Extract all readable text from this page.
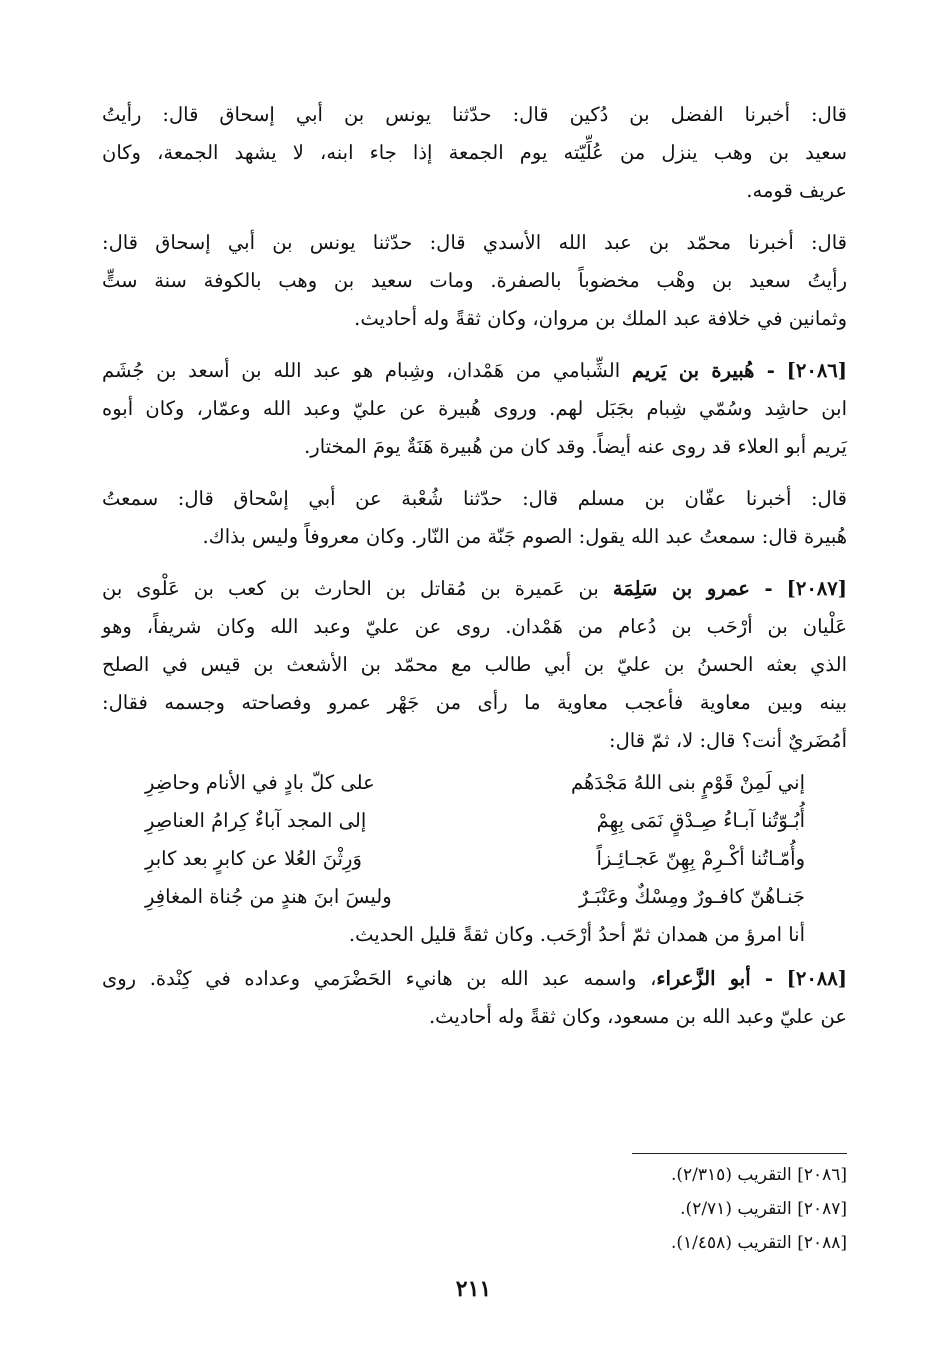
قال: أخبرنا الفضل بن دُكين قال: حدّثنا يونس بن أبي إسحاق قال: رأيتُ
سعيد بن وهب ينزل من عُلِّيّته يوم الجمعة إذا جاء ابنه، لا يشهد الجمعة، وكان
عريف قومه.
قال: أخبرنا محمّد بن عبد الله الأسدي قال: حدّثنا يونس بن أبي إسحاق قال:
رأيتُ سعيد بن وهْب مخضوباً بالصفرة. ومات سعيد بن وهب بالكوفة سنة ستٍّ
وثمانين في خلافة عبد الملك بن مروان، وكان ثقةً وله أحاديث.
[٢٠٨٦] - هُبيرة بن يَريم الشِّبامي من هَمْدان، وشِبام هو عبد الله بن أسعد بن جُشَم
ابن حاشِد وسُمّي شِبام بجَبَل لهم. وروى هُبيرة عن عليّ وعبد الله وعمّار، وكان أبوه
يَريم أبو العلاء قد روى عنه أيضاً. وقد كان من هُبيرة هَنَةٌ يومَ المختار.
قال: أخبرنا عفّان بن مسلم قال: حدّثنا شُعْبة عن أبي إسْحاق قال: سمعتُ
هُبيرة قال: سمعتُ عبد الله يقول: الصوم جَنّة من النّار. وكان معروفاً وليس بذاك.
[٢٠٨٧] - عمرو بن سَلِمَة بن عَميرة بن مُقاتل بن الحارث بن كعب بن عَلْوى بن
عَلْيان بن أرْحَب بن دُعام من هَمْدان. روى عن عليّ وعبد الله وكان شريفاً، وهو
الذي بعثه الحسنُ بن عليّ بن أبي طالب مع محمّد بن الأشعث بن قيس في الصلح
بينه وبين معاوية فأعجب معاوية ما رأى من جَهْر عمرو وفصاحته وجسمه فقال:
أمُضَريٌ أنت؟ قال: لا، ثمّ قال:
إني لَمِنْ قَوْمٍ بنى اللهُ مَجْدَهُم
على كلّ بادٍ في الأنام وحاضِرِ
أُبُـوّتُنا آبـاءُ صِـدْقٍ نَمَى بِهِمْ
إلى المجد آباءٌ كِرامُ العناصِرِ
وأُمّـاتُنا أكْـرِمْ بِهِنّ عَجـائِـزاً
وَرِثْنَ العُلا عن كابرٍ بعد كابرِ
جَنـاهُنّ كافـورٌ ومِسْكٌ وعَنْبَـرٌ
وليسَ ابنَ هندٍ من جُناة المغافِرِ
أنا امرؤ من همدان ثمّ أحدُ أرْحَب. وكان ثقةً قليل الحديث.
[٢٠٨٨] - أبو الزَّعراء، واسمه عبد الله بن هانيء الحَضْرَمي وعداده في كِنْدة. روى
عن عليّ وعبد الله بن مسعود، وكان ثقةً وله أحاديث.
[٢٠٨٦] التقريب (٢/٣١٥).
[٢٠٨٧] التقريب (٢/٧١).
[٢٠٨٨] التقريب (١/٤٥٨).
٢١١
